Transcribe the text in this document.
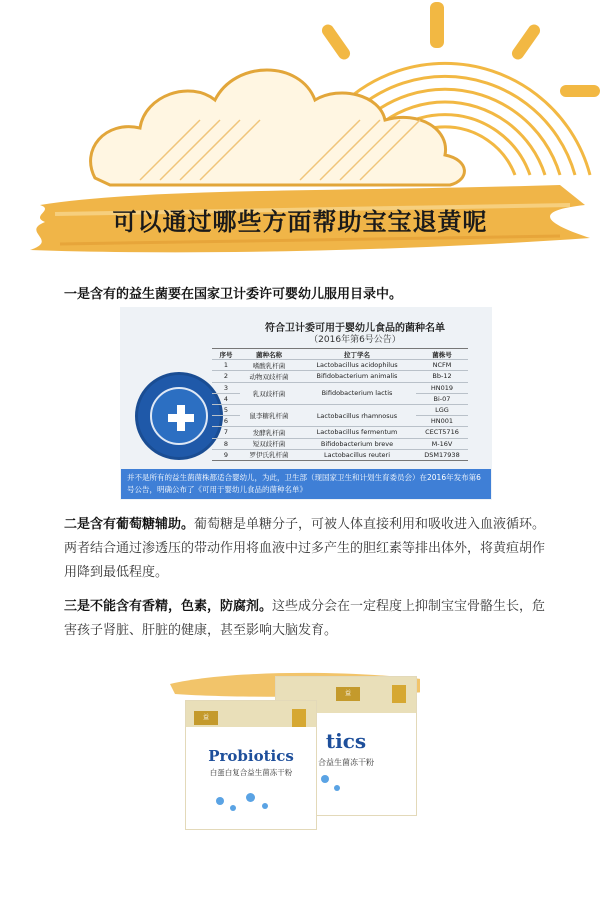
可以通过哪些方面帮助宝宝退黄呢
一是含有的益生菌要在国家卫计委许可婴幼儿服用目录中。
符合卫计委可用于婴幼儿食品的菌种名单
（2016年第6号公告）
序号	菌种名称	拉丁学名	菌株号
1	嗜酸乳杆菌	Lactobacillus acidophilus	NCFM
2	动物双歧杆菌	Bifidobacterium animalis	Bb-12
3	乳双歧杆菌	Bifidobacterium lactis	HN019
4			Bi-07
5	鼠李糖乳杆菌	Lactobacillus rhamnosus	LGG
6			HN001
7	发酵乳杆菌	Lactobacillus fermentum	CECT5716
8	短双歧杆菌	Bifidobacterium breve	M-16V
9	罗伊氏乳杆菌	Lactobacillus reuteri	DSM17938
并不是所有的益生菌菌株都适合婴幼儿，为此，卫生部（现国家卫生和计划生育委员会）在2016年发布第6号公告，明确公布了《可用于婴幼儿食品的菌种名单》
二是含有葡萄糖辅助。葡萄糖是单糖分子，可被人体直接利用和吸收进入血液循环。两者结合通过渗透压的带动作用将血液中过多产生的胆红素等排出体外，将黄疸胡作用降到最低程度。
三是不能含有香精，色素，防腐剂。这些成分会在一定程度上抑制宝宝骨骼生长，危害孩子肾脏、肝脏的健康，甚至影响大脑发育。
益
tics
合益生菌冻干粉
益
Probiotics
白蛋白复合益生菌冻干粉
